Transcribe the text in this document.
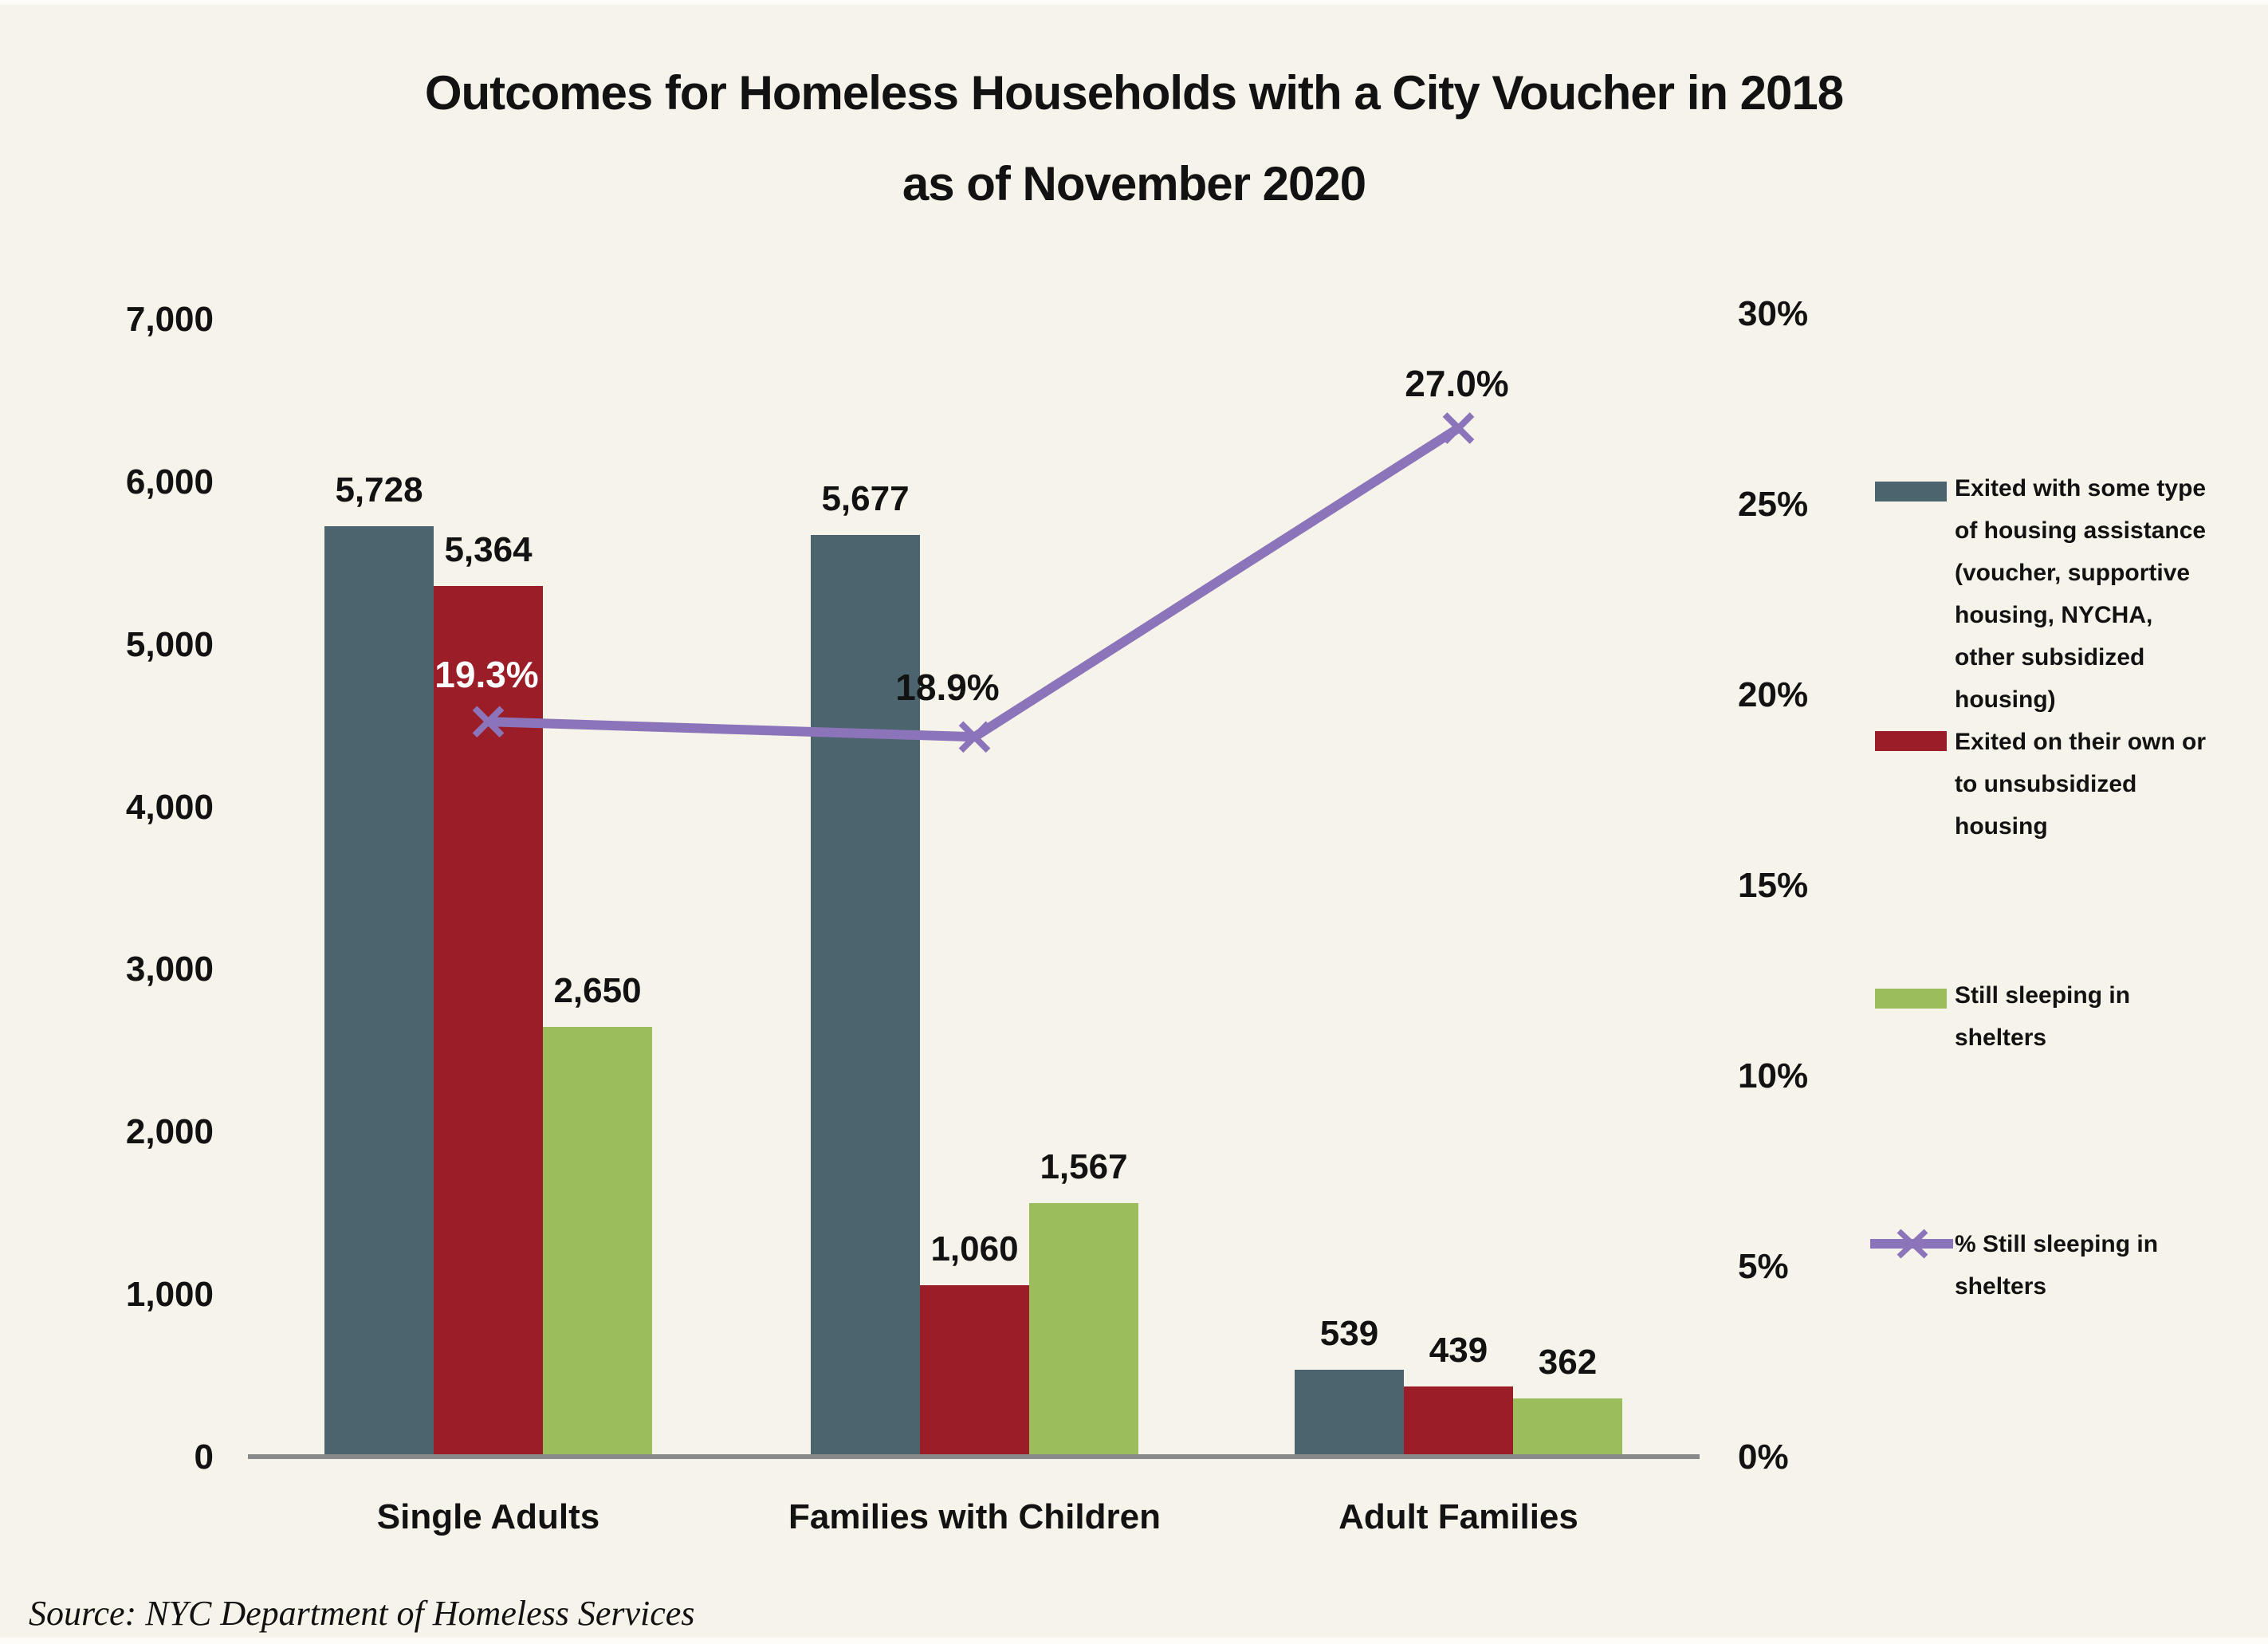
Outcomes for Homeless Households with a City Voucher in 2018
as of November 2020
7,000
6,000
5,000
4,000
3,000
2,000
1,000
0
30%
25%
20%
15%
10%
5%
0%
5,728	5,677
539
5,364
1,060
439
2,650
1,567
362
19.3%	18.9%
27.0%
Single Adults	Families with Children	Adult Families
Exited with some type
of housing assistance
(voucher, supportive
housing, NYCHA,
other subsidized
housing)
Exited on their own or
to unsubsidized
housing
Still sleeping in
shelters
% Still sleeping in
shelters
Source: NYC Department of Homeless Services
